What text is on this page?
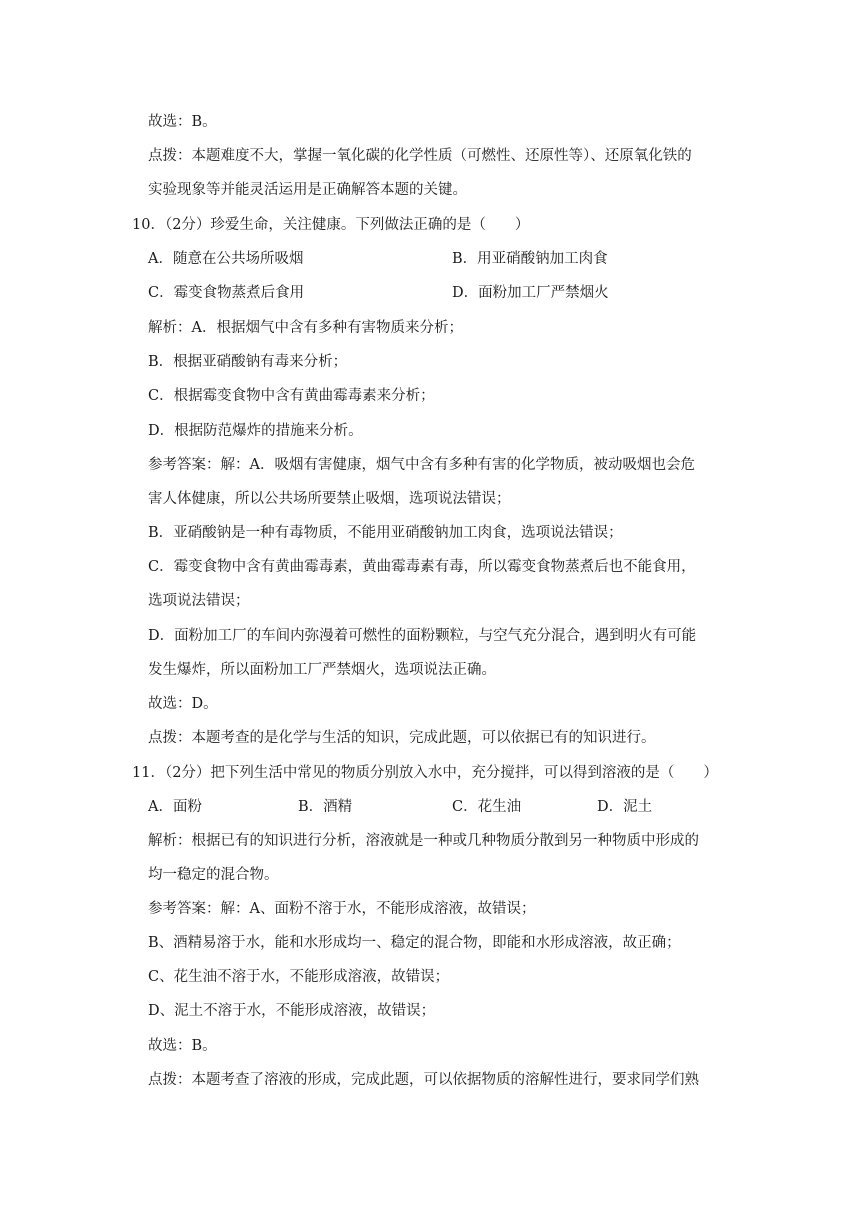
故选：B。
点拨：本题难度不大，掌握一氧化碳的化学性质（可燃性、还原性等）、还原氧化铁的
实验现象等并能灵活运用是正确解答本题的关键。
10．（2分）珍爱生命，关注健康。下列做法正确的是（　　）
A．随意在公共场所吸烟	B．用亚硝酸钠加工肉食
C．霉变食物蒸煮后食用	D．面粉加工厂严禁烟火
解析：A．根据烟气中含有多种有害物质来分析；
B．根据亚硝酸钠有毒来分析；
C．根据霉变食物中含有黄曲霉毒素来分析；
D．根据防范爆炸的措施来分析。
参考答案：解：A．吸烟有害健康，烟气中含有多种有害的化学物质，被动吸烟也会危
害人体健康，所以公共场所要禁止吸烟，选项说法错误；
B．亚硝酸钠是一种有毒物质，不能用亚硝酸钠加工肉食，选项说法错误；
C．霉变食物中含有黄曲霉毒素，黄曲霉毒素有毒，所以霉变食物蒸煮后也不能食用，
选项说法错误；
D．面粉加工厂的车间内弥漫着可燃性的面粉颗粒，与空气充分混合，遇到明火有可能
发生爆炸，所以面粉加工厂严禁烟火，选项说法正确。
故选：D。
点拨：本题考查的是化学与生活的知识，完成此题，可以依据已有的知识进行。
11．（2分）把下列生活中常见的物质分别放入水中，充分搅拌，可以得到溶液的是（　　）
A．面粉	B．酒精	C．花生油	D．泥土
解析：根据已有的知识进行分析，溶液就是一种或几种物质分散到另一种物质中形成的
均一稳定的混合物。
参考答案：解：A、面粉不溶于水，不能形成溶液，故错误；
B、酒精易溶于水，能和水形成均一、稳定的混合物，即能和水形成溶液，故正确；
C、花生油不溶于水，不能形成溶液，故错误；
D、泥土不溶于水，不能形成溶液，故错误；
故选：B。
点拨：本题考查了溶液的形成，完成此题，可以依据物质的溶解性进行，要求同学们熟
